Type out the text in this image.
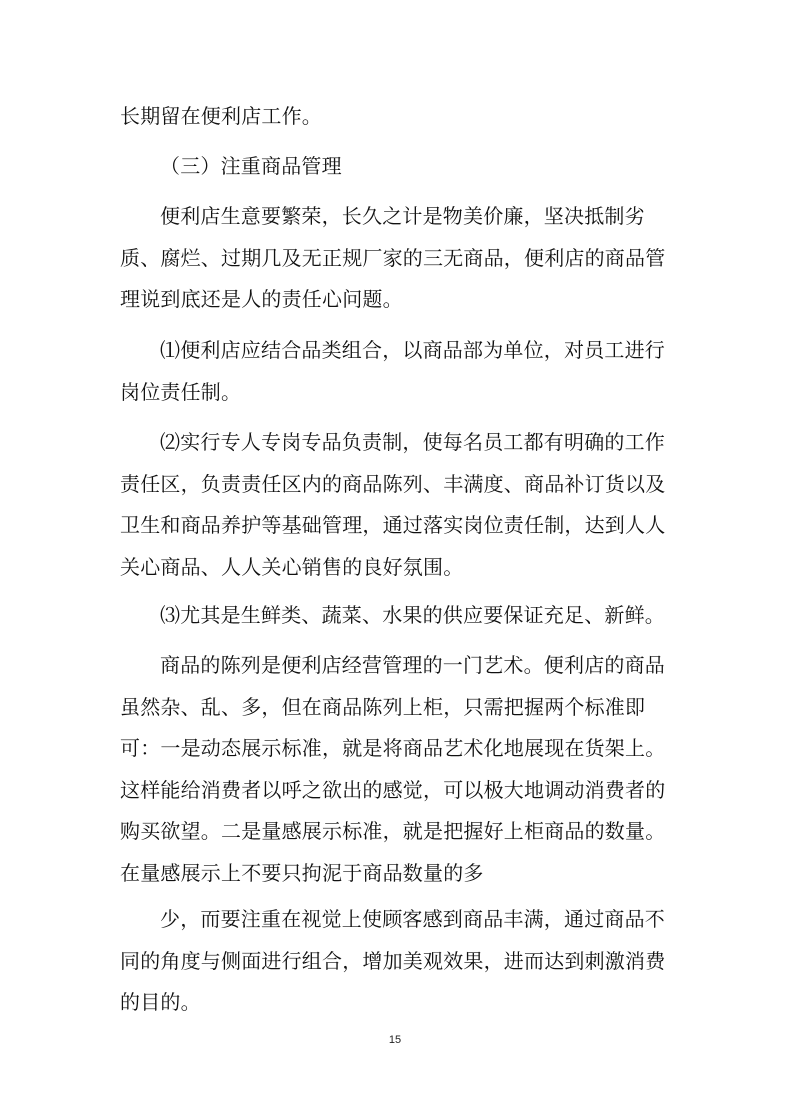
长期留在便利店工作。

（三）注重商品管理

便利店生意要繁荣，长久之计是物美价廉，坚决抵制劣质、腐烂、过期几及无正规厂家的三无商品，便利店的商品管理说到底还是人的责任心问题。

⑴便利店应结合品类组合，以商品部为单位，对员工进行岗位责任制。

⑵实行专人专岗专品负责制，使每名员工都有明确的工作责任区，负责责任区内的商品陈列、丰满度、商品补订货以及卫生和商品养护等基础管理，通过落实岗位责任制，达到人人关心商品、人人关心销售的良好氛围。

⑶尤其是生鲜类、蔬菜、水果的供应要保证充足、新鲜。

商品的陈列是便利店经营管理的一门艺术。便利店的商品虽然杂、乱、多，但在商品陈列上柜，只需把握两个标准即可：一是动态展示标准，就是将商品艺术化地展现在货架上。这样能给消费者以呼之欲出的感觉，可以极大地调动消费者的购买欲望。二是量感展示标准，就是把握好上柜商品的数量。在量感展示上不要只拘泥于商品数量的多

少，而要注重在视觉上使顾客感到商品丰满，通过商品不同的角度与侧面进行组合，增加美观效果，进而达到刺激消费的目的。

15
